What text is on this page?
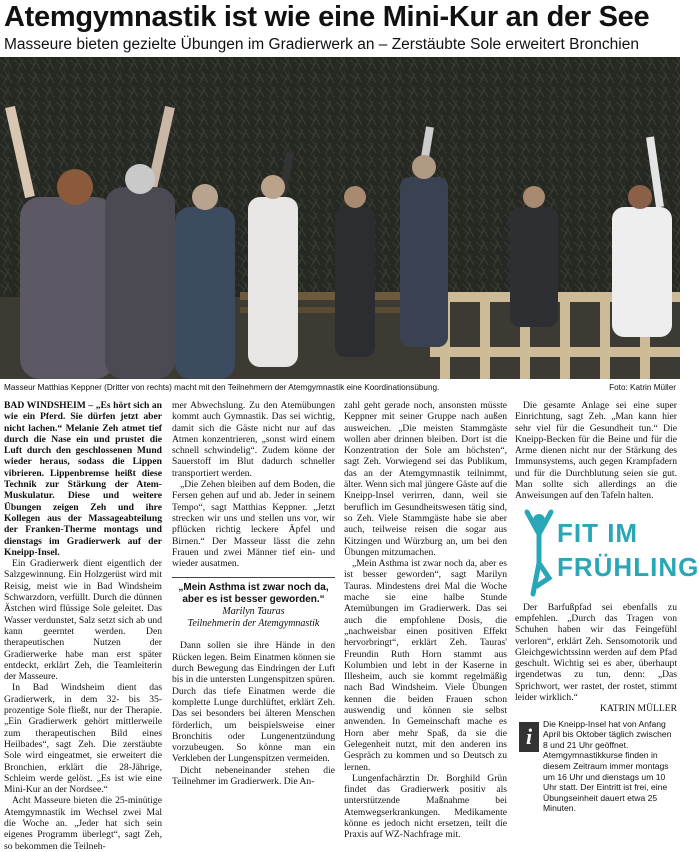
Atemgymnastik ist wie eine Mini-Kur an der See
Masseure bieten gezielte Übungen im Gradierwerk an – Zerstäubte Sole erweitert Bronchien
Masseur Matthias Keppner (Dritter von rechts) macht mit den Teilnehmern der Atemgymnastik eine Koordinationsübung.	Foto: Katrin Müller

BAD WINDSHEIM – „Es hört sich an wie ein Pferd. Sie dürfen jetzt aber nicht lachen.“ Melanie Zeh atmet tief durch die Nase ein und prustet die Luft durch den geschlossenen Mund wieder heraus, sodass die Lippen vibrieren. Lippenbremse heißt diese Technik zur Stärkung der Atem-Muskulatur. Diese und weitere Übungen zeigen Zeh und ihre Kollegen aus der Massageabteilung der Franken-Therme montags und dienstags im Gradierwerk auf der Kneipp-Insel.

Ein Gradierwerk dient eigentlich der Salzgewinnung. Ein Holzgerüst wird mit Reisig, meist wie in Bad Windsheim Schwarzdorn, verfüllt. Durch die dünnen Ästchen wird flüssige Sole geleitet. Das Wasser verdunstet, Salz setzt sich ab und kann geerntet werden. Den therapeutischen Nutzen der Gradierwerke habe man erst später entdeckt, erklärt Zeh, die Teamleiterin der Masseure.

In Bad Windsheim dient das Gradierwerk, in dem 32- bis 35-prozentige Sole fließt, nur der Therapie. „Ein Gradierwerk gehört mittlerweile zum therapeutischen Bild eines Heilbades“, sagt Zeh. Die zerstäubte Sole wird eingeatmet, sie erweitert die Bronchien, erklärt die 28-Jährige, Schleim werde gelöst. „Es ist wie eine Mini-Kur an der Nordsee.“

Acht Masseure bieten die 25-minütige Atemgymnastik im Wechsel zwei Mal die Woche an. „Jeder hat sich sein eigenes Programm überlegt“, sagt Zeh, so bekommen die Teilneh-

mer Abwechslung. Zu den Atemübungen kommt auch Gymnastik. Das sei wichtig, damit sich die Gäste nicht nur auf das Atmen konzentrieren, „sonst wird einem schnell schwindelig“. Zudem könne der Sauerstoff im Blut dadurch schneller transportiert werden.

„Die Zehen bleiben auf dem Boden, die Fersen gehen auf und ab. Jeder in seinem Tempo“, sagt Matthias Keppner. „Jetzt strecken wir uns und stellen uns vor, wir pflücken richtig leckere Äpfel und Birnen.“ Der Masseur lässt die zehn Frauen und zwei Männer tief ein- und wieder ausatmen.

„Mein Asthma ist zwar noch da, aber es ist besser geworden.“
Marilyn Tauras
Teilnehmerin der Atemgymnastik

Dann sollen sie ihre Hände in den Rücken legen. Beim Einatmen können sie durch Bewegung das Eindringen der Luft bis in die untersten Lungenspitzen spüren. Durch das tiefe Einatmen werde die komplette Lunge durchlüftet, erklärt Zeh. Das sei besonders bei älteren Menschen förderlich, um beispielsweise einer Bronchitis oder Lungenentzündung vorzubeugen. So könne man ein Verkleben der Lungenspitzen vermeiden.

Dicht nebeneinander stehen die Teilnehmer im Gradierwerk. Die An-

zahl geht gerade noch, ansonsten müsste Keppner mit seiner Gruppe nach außen ausweichen. „Die meisten Stammgäste wollen aber drinnen bleiben. Dort ist die Konzentration der Sole am höchsten“, sagt Zeh. Vorwiegend sei das Publikum, das an der Atemgymnastik teilnimmt, älter. Wenn sich mal jüngere Gäste auf die Kneipp-Insel verirren, dann, weil sie beruflich im Gesundheitswesen tätig sind, so Zeh. Viele Stammgäste habe sie aber auch, teilweise reisen die sogar aus Kitzingen und Würzburg an, um bei den Übungen mitzumachen.

„Mein Asthma ist zwar noch da, aber es ist besser geworden“, sagt Marilyn Tauras. Mindestens drei Mal die Woche mache sie eine halbe Stunde Atemübungen im Gradierwerk. Das sei auch die empfohlene Dosis, die „nachweisbar einen positiven Effekt hervorbringt“, erklärt Zeh. Tauras' Freundin Ruth Horn stammt aus Kolumbien und lebt in der Kaserne in Illesheim, auch sie kommt regelmäßig nach Bad Windsheim. Viele Übungen kennen die beiden Frauen schon auswendig und können sie selbst anwenden. In Gemeinschaft mache es Horn aber mehr Spaß, da sie die Gelegenheit nutzt, mit den anderen ins Gespräch zu kommen und so Deutsch zu lernen.

Lungenfachärztin Dr. Borghild Grün findet das Gradierwerk positiv als unterstützende Maßnahme bei Atemwegserkrankungen. Medikamente könne es jedoch nicht ersetzen, teilt die Praxis auf WZ-Nachfrage mit.

Die gesamte Anlage sei eine super Einrichtung, sagt Zeh. „Man kann hier sehr viel für die Gesundheit tun.“ Die Kneipp-Becken für die Beine und für die Arme dienen nicht nur der Stärkung des Immunsystems, auch gegen Krampfadern und für die Durchblutung seien sie gut. Man sollte sich allerdings an die Anweisungen auf den Tafeln halten.

FIT IM
FRÜHLING

Der Barfußpfad sei ebenfalls zu empfehlen. „Durch das Tragen von Schuhen haben wir das Feingefühl verloren“, erklärt Zeh. Sensomotorik und Gleichgewichtssinn werden auf dem Pfad geschult. Wichtig sei es aber, überhaupt irgendetwas zu tun, denn: „Das Sprichwort, wer rastet, der rostet, stimmt leider wirklich.“

KATRIN MÜLLER

i	Die Kneipp-Insel hat von Anfang April bis Oktober täglich zwischen 8 und 21 Uhr geöffnet. Atemgymnastikkurse finden in diesem Zeitraum immer montags um 16 Uhr und dienstags um 10 Uhr statt. Der Eintritt ist frei, eine Übungseinheit dauert etwa 25 Minuten.
